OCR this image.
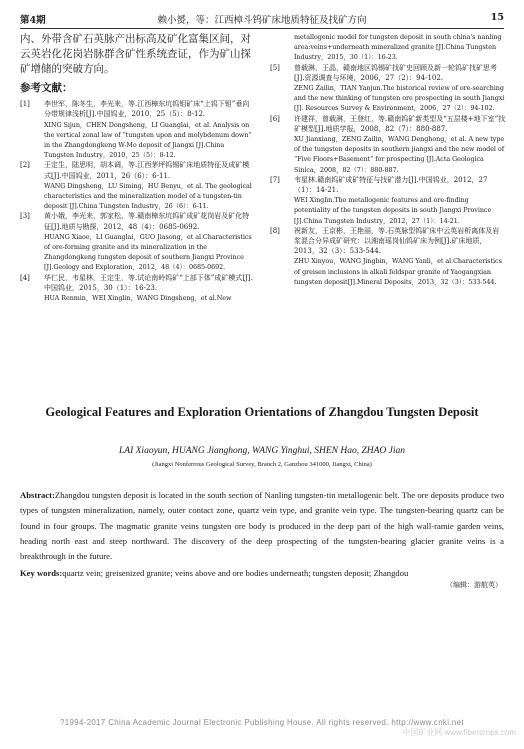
第4期	赖小赟，等：江西樟斗钨矿床地质特征及找矿方向	15

内、外带含矿石英脉产出标高及矿化富集区间，对云英岩化花岗岩脉群含矿性系统查证，作为矿山探矿增储的突破方向。

参考文献：
[1] 李世军，陈冬生，李光来，等.江西樟东坑钨钼矿床“上钨下钼”垂向分带规律浅析[J].中国钨业，2010，25（5）：8-12.
XING Sijun，CHEN Dongsheng，LI Guanglai，et al. Analysis on the vertical zonal law of “tungsten upon and molybdenum down” in the Zhangdongkeng W-Mo deposit of Jiangxi [J].China Tungsten Industry，2010，25（5）：8-12.
[2] 王定生，陆思明，胡本调，等.江西茅坪钨锡矿床地质特征及成矿模式[J].中国钨业，2011，26（6）：6-11.
WANG Dingsheng，LU Siming，HU Benyu，et al. The geological characteristics and the mineralization model of a tungsten-tin deposit [J].China Tungsten Industry，26（6）：6-11.
[3] 黄小娥，李光来，郭家松，等.赣南樟东坑钨矿成矿花岗岩及矿化特征[J].地质与勘探，2012，48（4）：0685-0692.
HUANG Xiaoe，LI Guanglai，GUO Jiasong，et al.Characteristics of ore-forming granite and its mineralization in the Zhangdongkeng tungsten deposit of southern Jiangxi Province [J].Geology and Exploration，2012，48（4）：0685-0692.
[4] 华仁民，韦星林，王定生，等.试论南岭钨矿“上部下体”成矿模式[J].中国钨业，2015，30（1）：16-23.
HUA Renmin，WEI Xinglin，WANG Dingsheng，et al.New
metallogenic model for tungsten deposit in south china's nanling area:veins+underneath mineralized granite [J].China Tungsten Industry，2015，30（1）：16-23.
[5] 曾载淋，王晶，赣南地区钨锡矿找矿史回顾及新一轮钨矿找矿思考[J].资源调查与环境，2006，27（2）：94-102.
ZENG Zailin，TIAN Yanjun.The historical review of ore-searching and the new thinking of tungsten ore prospecting in south Jiangxi [J]. Resources Survey & Environment，2006，27（2）：94-102.
[6] 许建祥，曾载淋，王登红，等.赣南钨矿新类型及“五层楼+地下室”找矿模型[J].地质学报，2008，82（7）：880-887.
XU Jianxiang，ZENG Zailin，WANG Denghong，et al. A new type of the tungsten deposits in southern jiangxi and the new model of “Five Floors+Basement” for prospecting [J].Acta Geologica Sinica，2008，82（7）：880-887.
[7] 韦星林.赣南钨矿成矿特征与找矿潜力[J].中国钨业，2012，27（1）：14-21.
WEI Xinglin.The metallogenic features and ore-finding potentiality of the tungsten deposits in south Jiangxi Province [J].China Tungsten Industry，2012，27（1）：14-21.
[8] 祝新友，王京彬，王艳丽，等.石英脉型钨矿床中云英岩析离体及岩浆混合分异成矿研究：以湘南瑶岗仙钨矿床为例[J].矿床地质，2013，32（3）：533-544.
ZHU Xinyou，WANG Jingbin，WANG Yanli，et al.Characteristics of greisen inclusions in alkali feldspar granite of Yaogangxian tungsten deposit[J].Mineral Deposits，2013，32（3）：533-544.
Geological Features and Exploration Orientations of Zhangdou Tungsten Deposit
LAI Xiaoyun, HUANG Jianghong, WANG Yinghui, SHEN Hao, ZHAO Jian
(Jiangxi Nonferrous Geological Survey, Branch 2, Ganzhou 341000, Jiangxi, China)
Abstract:Zhangdou tungsten deposit is located in the south section of Nanling tungsten-tin metallogenic belt. The ore deposits produce two types of tungsten mineralization, namely, outer contact zone, quartz vein type, and granite vein type. The tungsten-bearing quartz can be found in four groups. The magmatic granite veins tungsten ore body is produced in the deep part of the high wall-ramie garden veins, heading north east and steep northward. The discovery of the deep prospecting of the tungsten-bearing glacier granite veins is a breakthrough in the future.
Key words:quartz vein; greisenized granite; veins above and ore bodies underneath; tungsten deposit; Zhangdou
（编辑：游航英）
?1994-2017 China Academic Journal Electronic Publishing House. All rights reserved. http://www.cnki.net
中国矿业网 www.fibercrops.com
